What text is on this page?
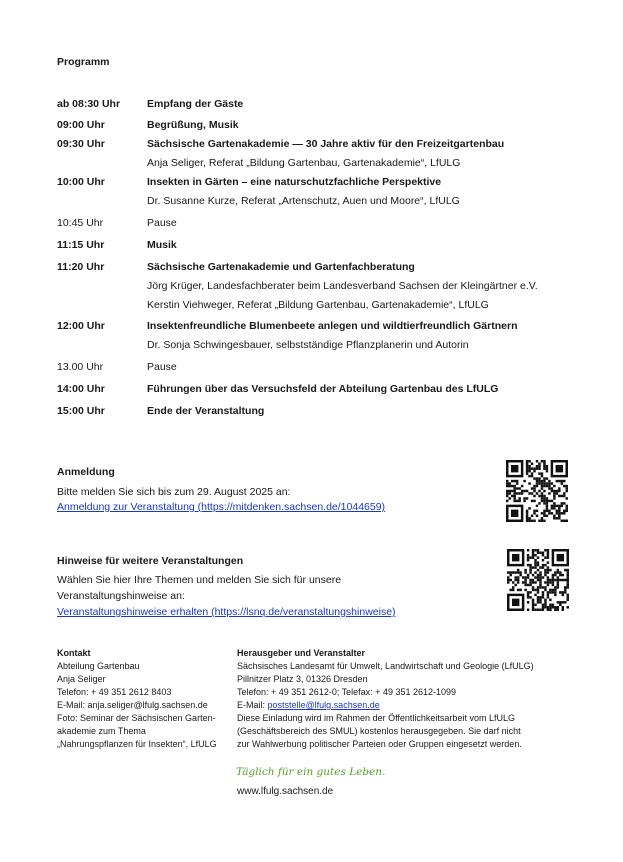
Programm
ab 08:30 Uhr	Empfang der Gäste
09:00 Uhr	Begrüßung, Musik
09:30 Uhr	Sächsische Gartenakademie — 30 Jahre aktiv für den Freizeitgartenbau
Anja Seliger, Referat „Bildung Gartenbau, Gartenakademie“, LfULG
10:00 Uhr	Insekten in Gärten – eine naturschutzfachliche Perspektive
Dr. Susanne Kurze, Referat „Artenschutz, Auen und Moore“, LfULG
10:45 Uhr	Pause
11:15 Uhr	Musik
11:20 Uhr	Sächsische Gartenakademie und Gartenfachberatung
Jörg Krüger, Landesfachberater beim Landesverband Sachsen der Kleingärtner e.V.
Kerstin Viehweger, Referat „Bildung Gartenbau, Gartenakademie“, LfULG
12:00 Uhr	Insektenfreundliche Blumenbeete anlegen und wildtierfreundlich Gärtnern
Dr. Sonja Schwingesbauer, selbstständige Pflanzplanerin und Autorin
13.00 Uhr	Pause
14:00 Uhr	Führungen über das Versuchsfeld der Abteilung Gartenbau des LfULG
15:00 Uhr	Ende der Veranstaltung
Anmeldung
Bitte melden Sie sich bis zum 29. August 2025 an:
Anmeldung zur Veranstaltung (https://mitdenken.sachsen.de/1044659)
Hinweise für weitere Veranstaltungen
Wählen Sie hier Ihre Themen und melden Sie sich für unsere
Veranstaltungshinweise an:
Veranstaltungshinweise erhalten (https://lsnq.de/veranstaltungshinweise)
Kontakt
Abteilung Gartenbau
Anja Seliger
Telefon: + 49 351 2612 8403
E-Mail: anja.seliger@lfulg.sachsen.de
Foto: Seminar der Sächsischen Garten-
akademie zum Thema
„Nahrungspflanzen für Insekten“, LfULG
Herausgeber und Veranstalter
Sächsisches Landesamt für Umwelt, Landwirtschaft und Geologie (LfULG)
Pillnitzer Platz 3, 01326 Dresden
Telefon: + 49 351 2612-0; Telefax: + 49 351 2612-1099
E-Mail: poststelle@lfulg.sachsen.de
Diese Einladung wird im Rahmen der Öffentlichkeitsarbeit vom LfULG
(Geschäftsbereich des SMUL) kostenlos herausgegeben. Sie darf nicht
zur Wahlwerbung politischer Parteien oder Gruppen eingesetzt werden.
Täglich für ein gutes Leben.
www.lfulg.sachsen.de
